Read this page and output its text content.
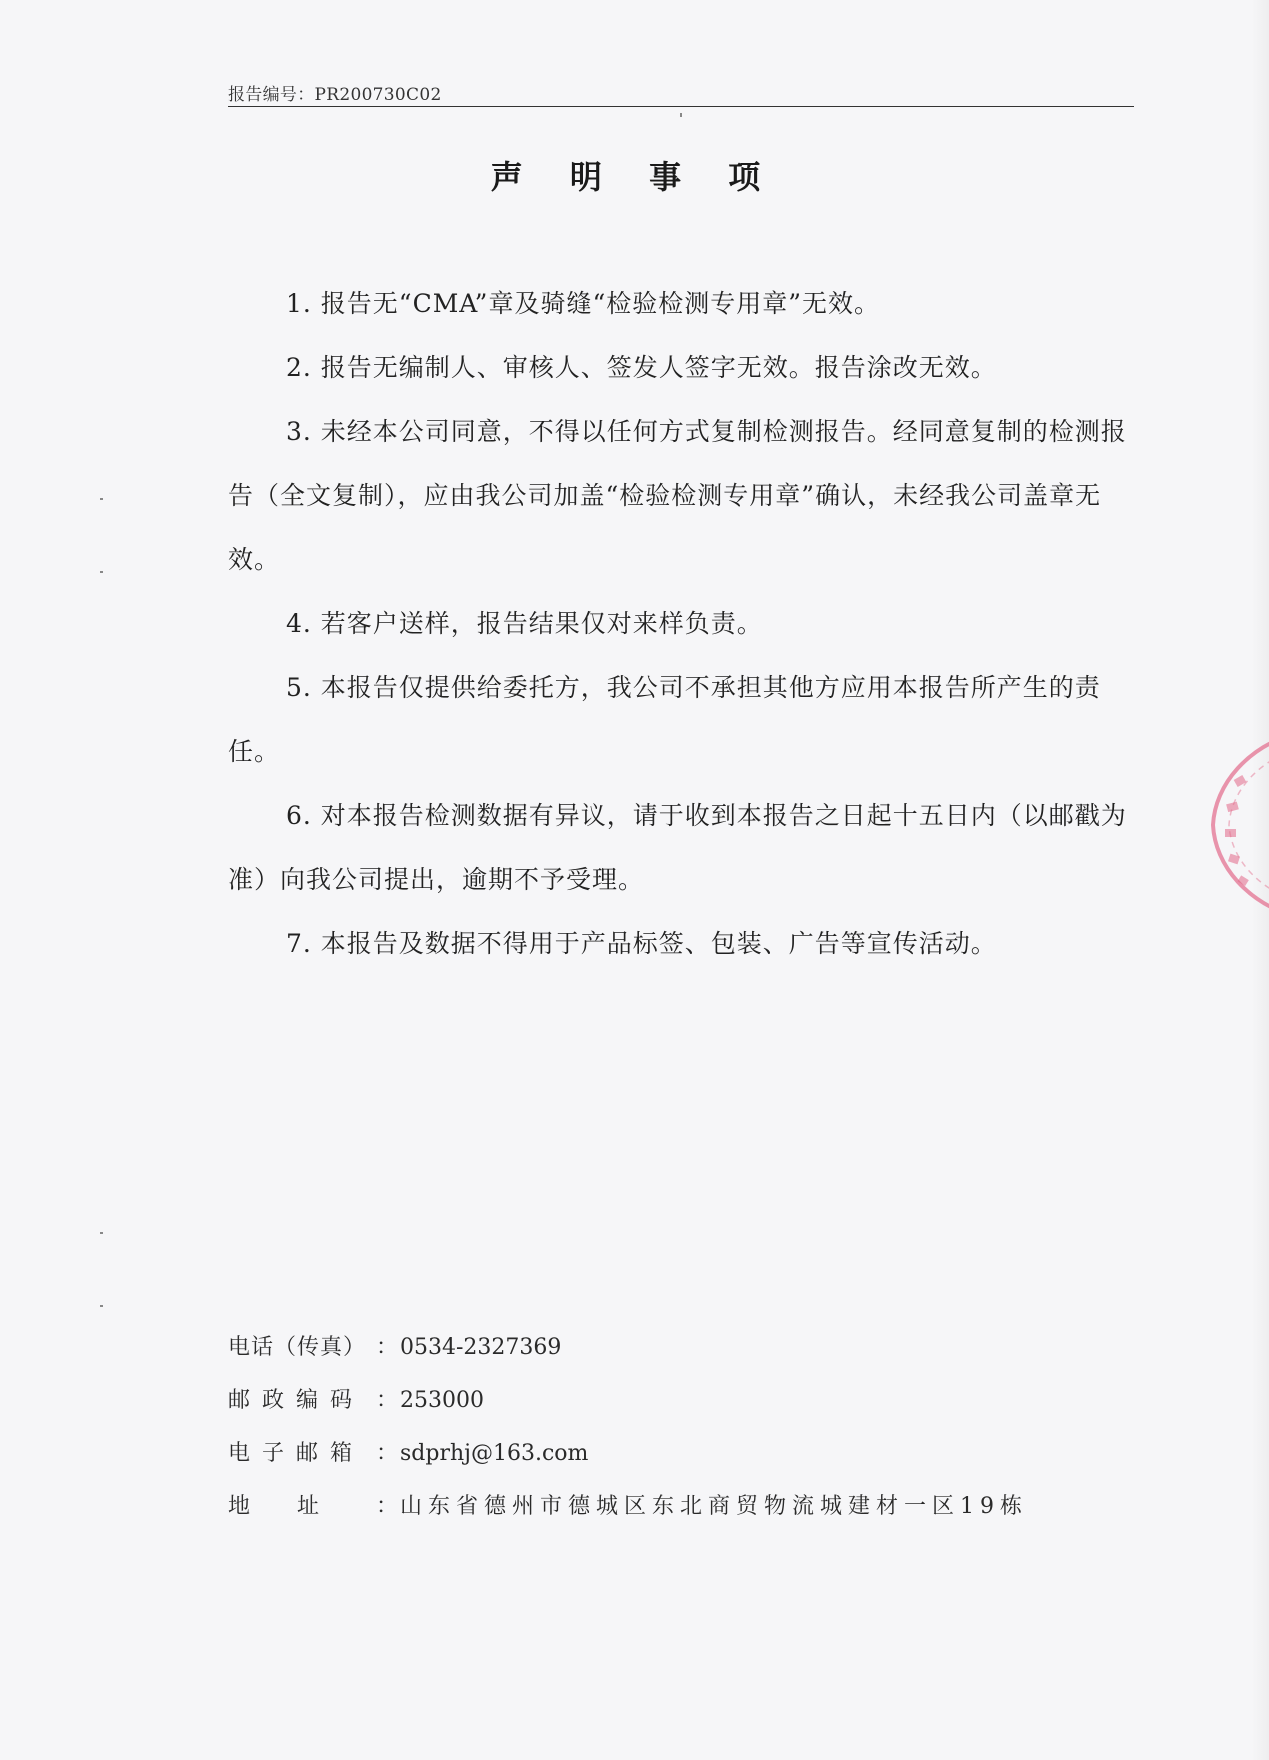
报告编号：PR200730C02
声 明 事 项
1. 报告无“CMA”章及骑缝“检验检测专用章”无效。
2. 报告无编制人、审核人、签发人签字无效。报告涂改无效。
3. 未经本公司同意，不得以任何方式复制检测报告。经同意复制的检测报告（全文复制），应由我公司加盖“检验检测专用章”确认，未经我公司盖章无效。
4. 若客户送样，报告结果仅对来样负责。
5. 本报告仅提供给委托方，我公司不承担其他方应用本报告所产生的责任。
6. 对本报告检测数据有异议，请于收到本报告之日起十五日内（以邮戳为准）向我公司提出，逾期不予受理。
7. 本报告及数据不得用于产品标签、包装、广告等宣传活动。
电话（传真） ：0534-2327369
邮政编码 ：253000
电子邮箱 ：sdprhj@163.com
地　　址	：山东省德州市德城区东北商贸物流城建材一区19栋
